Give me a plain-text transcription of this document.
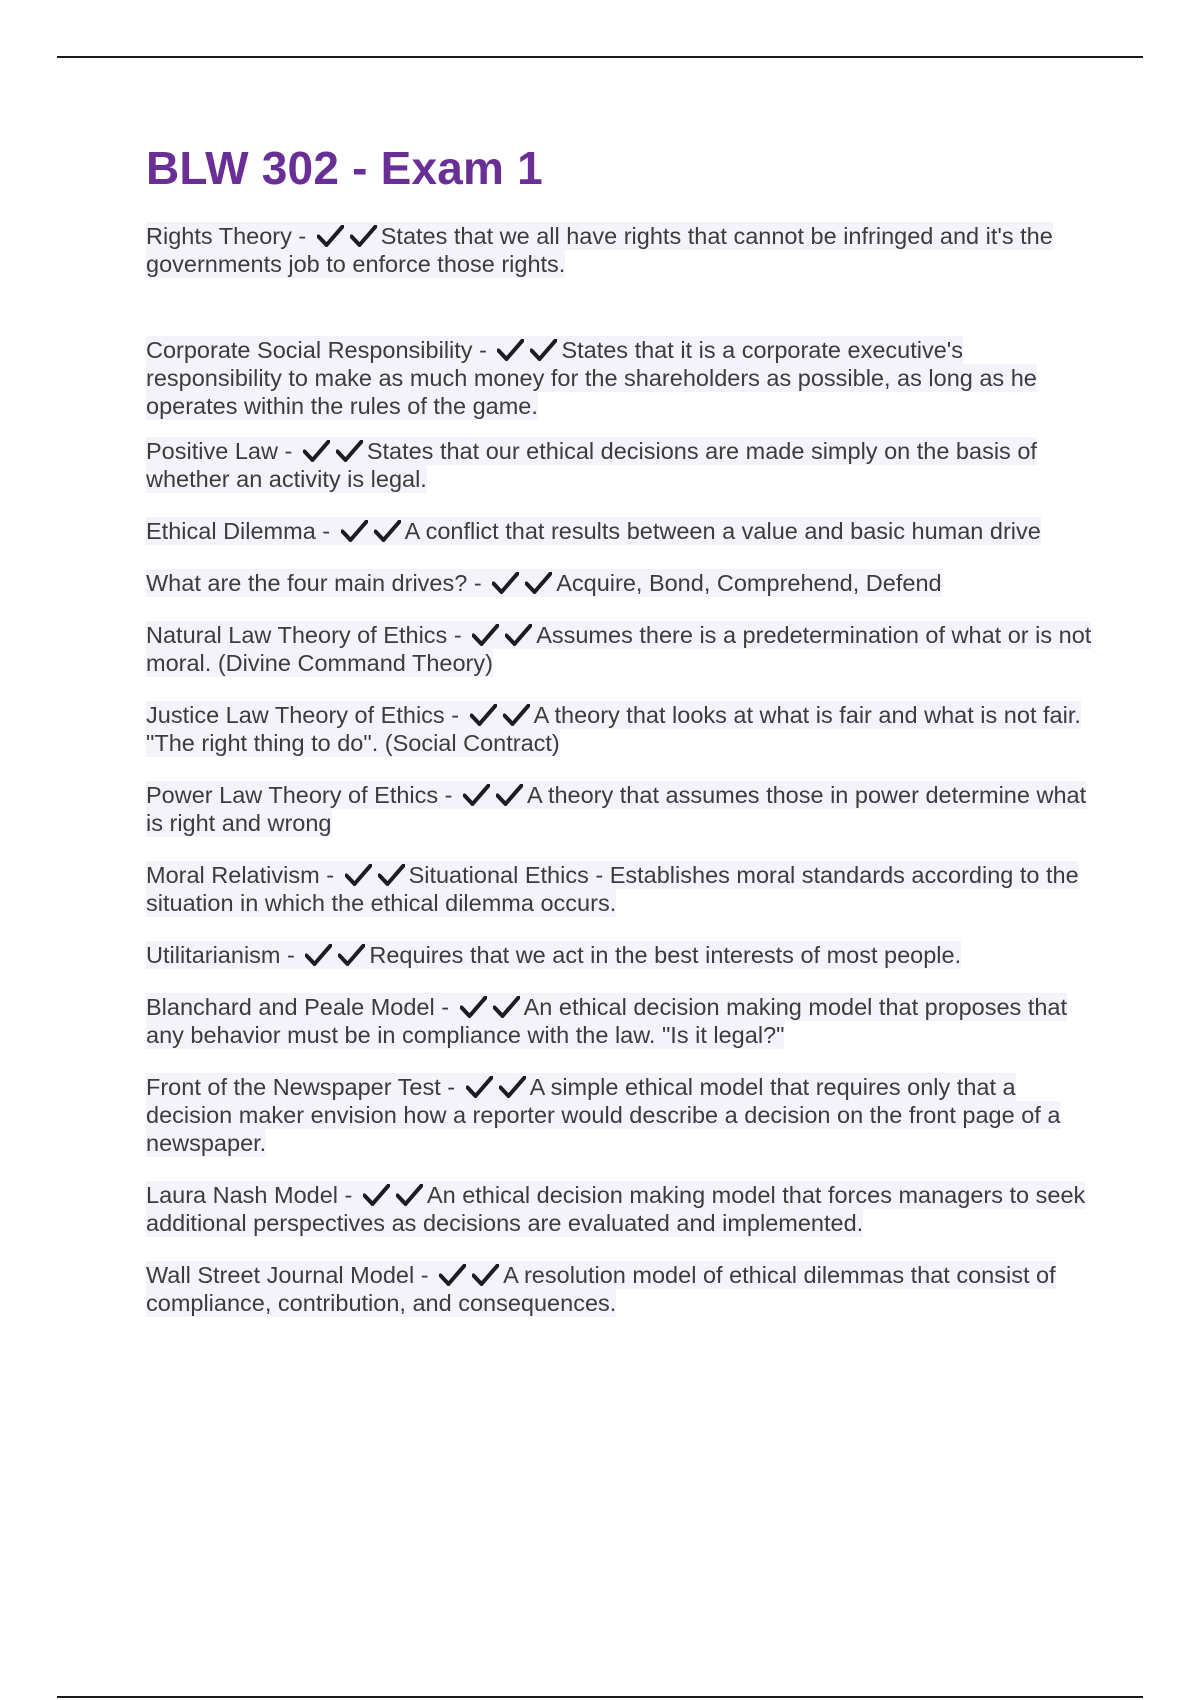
BLW 302 - Exam 1

Rights Theory -	States that we all have rights that cannot be infringed and it's the governments job to enforce those rights.

Corporate Social Responsibility -	States that it is a corporate executive's responsibility to make as much money for the shareholders as possible, as long as he operates within the rules of the game.

Positive Law -	States that our ethical decisions are made simply on the basis of whether an activity is legal.

Ethical Dilemma -	A conflict that results between a value and basic human drive

What are the four main drives? -	Acquire, Bond, Comprehend, Defend

Natural Law Theory of Ethics -	Assumes there is a predetermination of what or is not moral. (Divine Command Theory)

Justice Law Theory of Ethics -	A theory that looks at what is fair and what is not fair. "The right thing to do". (Social Contract)

Power Law Theory of Ethics -	A theory that assumes those in power determine what is right and wrong

Moral Relativism -	Situational Ethics - Establishes moral standards according to the situation in which the ethical dilemma occurs.

Utilitarianism -	Requires that we act in the best interests of most people.

Blanchard and Peale Model -	An ethical decision making model that proposes that any behavior must be in compliance with the law. "Is it legal?"

Front of the Newspaper Test -	A simple ethical model that requires only that a decision maker envision how a reporter would describe a decision on the front page of a newspaper.

Laura Nash Model -	An ethical decision making model that forces managers to seek additional perspectives as decisions are evaluated and implemented.

Wall Street Journal Model -	A resolution model of ethical dilemmas that consist of compliance, contribution, and consequences.
